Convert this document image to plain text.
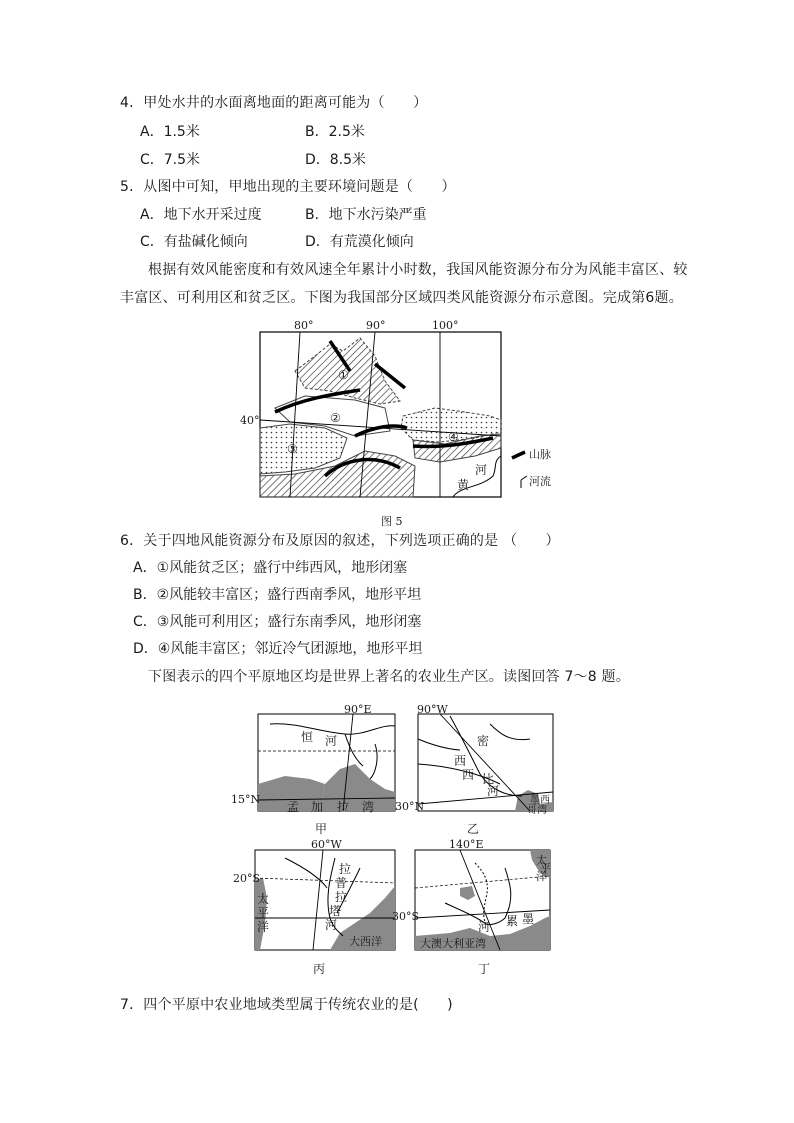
4．甲处水井的水面离地面的距离可能为（　　）
A．1.5米	B．2.5米
C．7.5米	D．8.5米
5．从图中可知，甲地出现的主要环境问题是（　　）
A．地下水开采过度	B．地下水污染严重
C．有盐碱化倾向	D．有荒漠化倾向
根据有效风能密度和有效风速全年累计小时数，我国风能资源分布分为风能丰富区、较
丰富区、可利用区和贫乏区。下图为我国部分区域四类风能资源分布示意图。完成第6题。
80°	90°	100°
40°
①
②
③
④
河
黄
山脉
河流
图 5
6．关于四地风能资源分布及原因的叙述，下列选项正确的是 （　　）
A．①风能贫乏区；盛行中纬西风，地形闭塞
B．②风能较丰富区；盛行西南季风，地形平坦
C．③风能可利用区；盛行东南季风，地形闭塞
D．④风能丰富区；邻近冷气团源地，地形平坦
下图表示的四个平原地区均是世界上著名的农业生产区。读图回答 7～8 题。
90°E
15°N
恒 河
孟 加 拉 湾
甲
90°W
30°N
密
西
西 比
河
墨西
哥湾
乙
60°W
20°S
太
平
洋
拉
普
拉
塔
河
大西洋
丙
140°E
30°S
太
平
洋
墨
累
河
大澳大利亚湾
丁
7．四个平原中农业地域类型属于传统农业的是(　　)
